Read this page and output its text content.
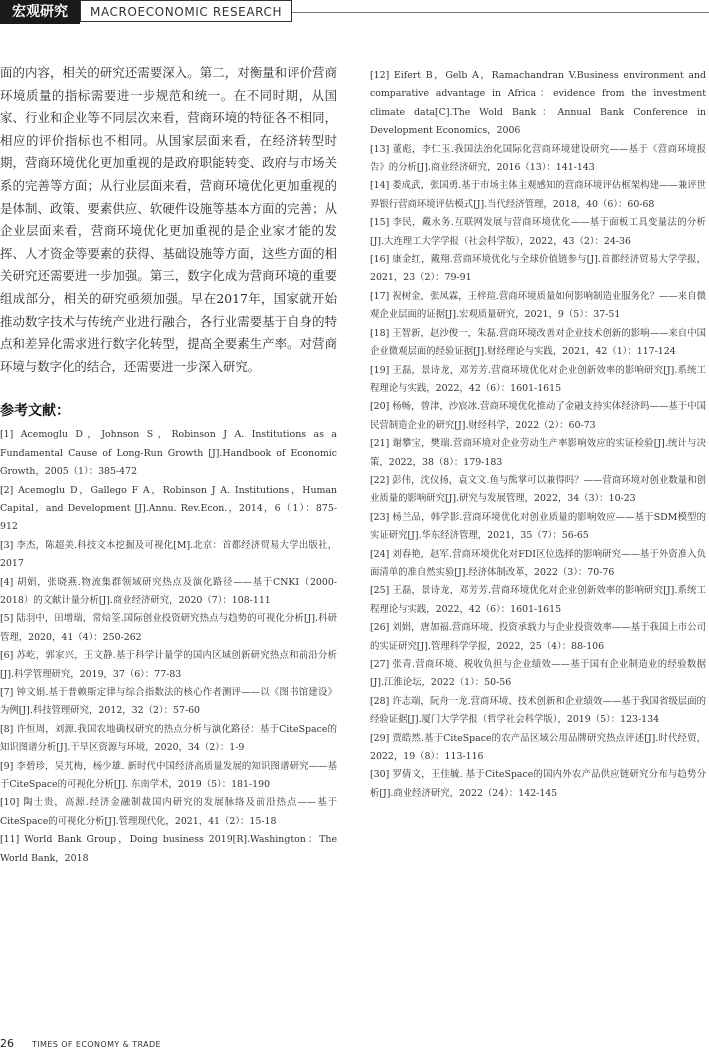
宏观研究	MACROECONOMIC RESEARCH

面的内容，相关的研究还需要深入。第二，对衡量和评价营商环境质量的指标需要进一步规范和统一。在不同时期，从国家、行业和企业等不同层次来看，营商环境的特征各不相同，相应的评价指标也不相同。从国家层面来看，在经济转型时期，营商环境优化更加重视的是政府职能转变、政府与市场关系的完善等方面；从行业层面来看，营商环境优化更加重视的是体制、政策、要素供应、软硬件设施等基本方面的完善；从企业层面来看，营商环境优化更加重视的是企业家才能的发挥、人才资金等要素的获得、基础设施等方面，这些方面的相关研究还需要进一步加强。第三，数字化成为营商环境的重要组成部分，相关的研究亟须加强。早在2017年，国家就开始推动数字技术与传统产业进行融合，各行业需要基于自身的特点和差异化需求进行数字化转型，提高全要素生产率。对营商环境与数字化的结合，还需要进一步深入研究。

参考文献：

[1] Acemoglu D，Johnson S，Robinson J A. Institutions as a Fundamental Cause of Long-Run Growth [J].Handbook of Economic Growth，2005（1）：385-472

[2] Acemoglu D，Gallego F A，Robinson J A. Institutions，Human Capital，and Development [J].Annu. Rev.Econ.，2014，6（1）：875-912

[3] 李杰，陈超美.科技文本挖掘及可视化[M].北京：首都经济贸易大学出版社，2017

[4] 胡娟，张晓燕.物流集群领域研究热点及演化路径——基于CNKI（2000-2018）的文献计量分析[J].商业经济研究，2020（7）：108-111

[5] 陆羽中，田增瑞，常焙筌.国际创业投资研究热点与趋势的可视化分析[J].科研管理，2020，41（4）：250-262

[6] 苏屹，郭家兴，王文静.基于科学计量学的国内区域创新研究热点和前沿分析[J].科学管理研究，2019，37（6）：77-83

[7] 钟文娟.基于普赖斯定律与综合指数法的核心作者测评——以《图书馆建设》为例[J].科技管理研究，2012，32（2）：57-60

[8] 许恒周，刘源.我国农地确权研究的热点分析与演化路径：基于CiteSpace的知识图谱分析[J].干旱区资源与环境，2020，34（2）：1-9

[9] 李碧珍，吴艽梅，杨少雄. 新时代中国经济高质量发展的知识图谱研究——基于CiteSpace的可视化分析[J]. 东南学术，2019（5）：181-190

[10] 陶士贵，高源.经济金融制裁国内研究的发展脉络及前沿热点——基于CiteSpace的可视化分析[J].管理现代化，2021，41（2）：15-18

[11] World Bank Group，Doing business 2019[R].Washington：The World Bank，2018

[12] Eifert B，Gelb A，Ramachandran V.Business environment and comparative advantage in Africa：evidence from the investment climate data[C].The Wold Bank：Annual Bank Conference in Development Economics，2006

[13] 董彪，李仁玉.我国法治化国际化营商环境建设研究——基于《营商环境报告》的分析[J].商业经济研究，2016（13）：141-143

[14] 娄成武，张国勇.基于市场主体主观感知的营商环境评估框架构建——兼评世界银行营商环境评估模式[J].当代经济管理，2018，40（6）：60-68

[15] 李民，戴永务.互联网发展与营商环境优化——基于面板工具变量法的分析[J].大连理工大学学报（社会科学版），2022，43（2）：24-36

[16] 康金红，戴翔.营商环境优化与全球价值链参与[J].首都经济贸易大学学报，2021，23（2）：79-91

[17] 祝树金，张凤霖，王梓瑄.营商环境质量如何影响制造业服务化？——来自微观企业层面的证据[J].宏观质量研究，2021，9（5）：37-51

[18] 王智新，赵沙俊一，朱磊.营商环境改善对企业技术创新的影响——来自中国企业微观层面的经验证据[J].财经理论与实践，2021，42（1）：117-124

[19] 王磊，景诗龙，邓芳芳.营商环境优化对企业创新效率的影响研究[J].系统工程理论与实践，2022，42（6）：1601-1615

[20] 杨畅，曾津，沙宸冰.营商环境优化推动了金融支持实体经济吗——基于中国民营制造企业的研究[J].财经科学，2022（2）：60-73

[21] 谢攀宝，樊瑞.营商环境对企业劳动生产率影响效应的实证检验[J].统计与决策，2022，38（8）：179-183

[22] 彭伟，沈仪扬，袁文文.鱼与熊掌可以兼得吗？——营商环境对创业数量和创业质量的影响研究[J].研究与发展管理，2022，34（3）：10-23

[23] 杨兰品，韩学影.营商环境优化对创业质量的影响效应——基于SDM模型的实证研究[J].华东经济管理，2021，35（7）：56-65

[24] 刘春艳，赵军.营商环境优化对FDI区位选择的影响研究——基于外资准入负面清单的准自然实验[J].经济体制改革，2022（3）：70-76

[25] 王磊，景诗龙，邓芳芳.营商环境优化对企业创新效率的影响研究[J].系统工程理论与实践，2022，42（6）：1601-1615

[26] 刘娟，唐加福.营商环境、投资承载力与企业投资效率——基于我国上市公司的实证研究[J].管理科学学报，2022，25（4）：88-106

[27] 张青.营商环境、税收负担与企业绩效——基于国有企业制造业的经验数据[J].江淮论坛，2022（1）：50-56

[28] 许志端，阮舟一龙.营商环境、技术创新和企业绩效——基于我国省级层面的经验证据[J].厦门大学学报（哲学社会科学版），2019（5）：123-134

[29] 贾皓然.基于CiteSpace的农产品区域公用品牌研究热点评述[J].时代经贸，2022，19（8）：113-116

[30] 罗倩文，王佳毓. 基于CiteSpace的国内外农产品供应链研究分布与趋势分析[J].商业经济研究，2022（24）：142-145

26 TIMES OF ECONOMY & TRADE
